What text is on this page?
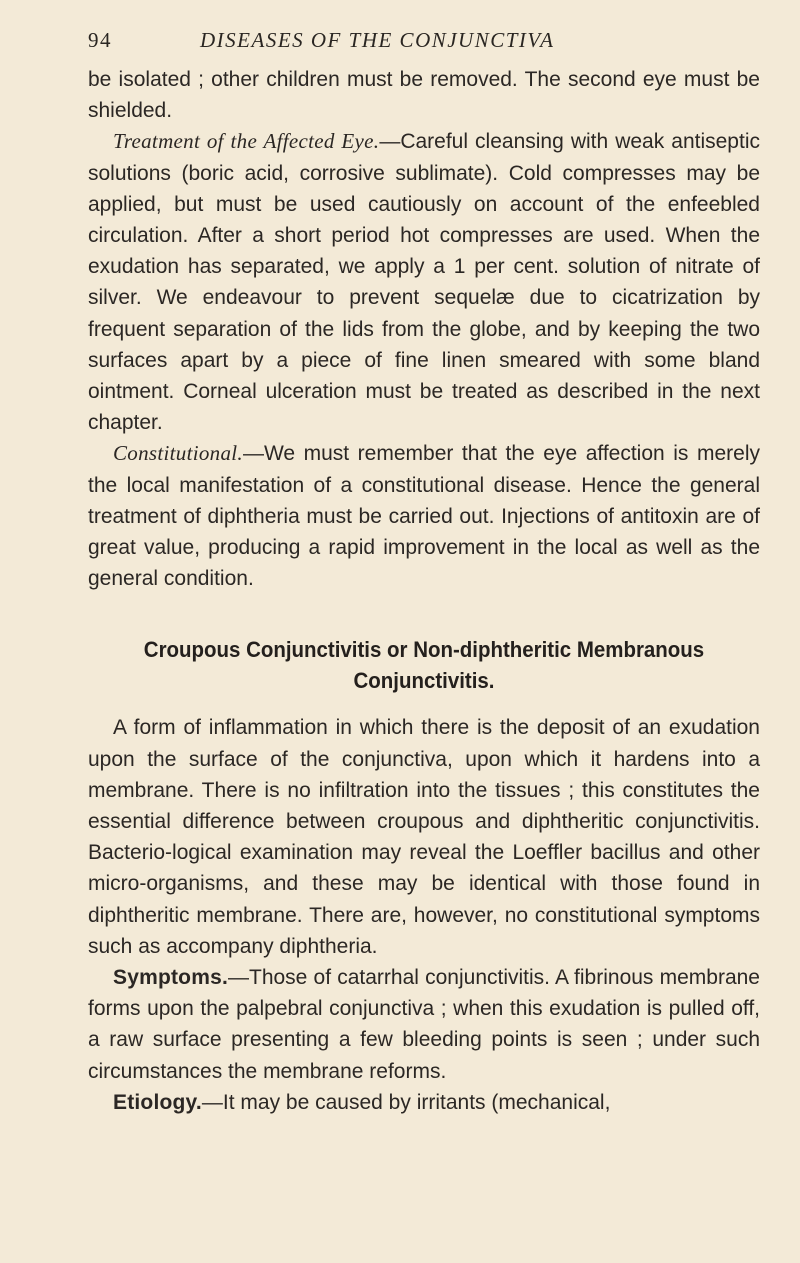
94	DISEASES OF THE CONJUNCTIVA

be isolated ; other children must be removed. The second eye must be shielded.

Treatment of the Affected Eye.—Careful cleansing with weak antiseptic solutions (boric acid, corrosive sublimate). Cold compresses may be applied, but must be used cautiously on account of the enfeebled circulation. After a short period hot compresses are used. When the exudation has separated, we apply a 1 per cent. solution of nitrate of silver. We endeavour to prevent sequelæ due to cicatrization by frequent separation of the lids from the globe, and by keeping the two surfaces apart by a piece of fine linen smeared with some bland ointment. Corneal ulceration must be treated as described in the next chapter.

Constitutional.—We must remember that the eye affection is merely the local manifestation of a constitutional disease. Hence the general treatment of diphtheria must be carried out. Injections of antitoxin are of great value, producing a rapid improvement in the local as well as the general condition.

Croupous Conjunctivitis or Non-diphtheritic Membranous
Conjunctivitis.

A form of inflammation in which there is the deposit of an exudation upon the surface of the conjunctiva, upon which it hardens into a membrane. There is no infiltration into the tissues ; this constitutes the essential difference between croupous and diphtheritic conjunctivitis. Bacterio-logical examination may reveal the Loeffler bacillus and other micro-organisms, and these may be identical with those found in diphtheritic membrane. There are, however, no constitutional symptoms such as accompany diphtheria.

Symptoms.—Those of catarrhal conjunctivitis. A fibrinous membrane forms upon the palpebral conjunctiva ; when this exudation is pulled off, a raw surface presenting a few bleeding points is seen ; under such circumstances the membrane reforms.

Etiology.—It may be caused by irritants (mechanical,
